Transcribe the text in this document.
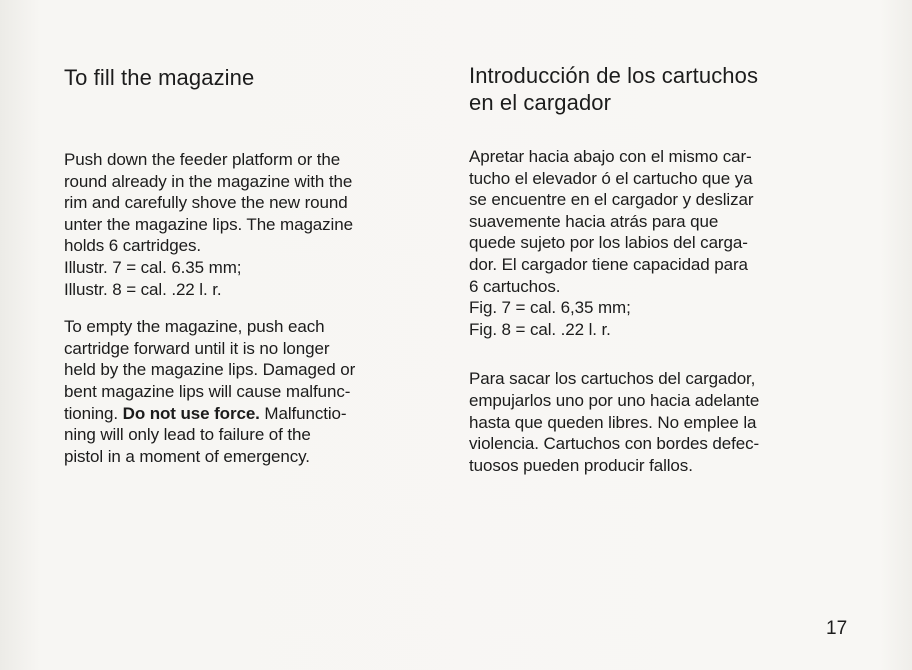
To fill the magazine

Push down the feeder platform or the
round already in the magazine with the
rim and carefully shove the new round
unter the magazine lips. The magazine
holds 6 cartridges.
Illustr. 7 = cal. 6.35 mm;
Illustr. 8 = cal. .22 l. r.

To empty the magazine, push each
cartridge forward until it is no longer
held by the magazine lips. Damaged or
bent magazine lips will cause malfunc-
tioning. Do not use force. Malfunctio-
ning will only lead to failure of the
pistol in a moment of emergency.

Introducción de los cartuchos
en el cargador

Apretar hacia abajo con el mismo car-
tucho el elevador ó el cartucho que ya
se encuentre en el cargador y deslizar
suavemente hacia atrás para que
quede sujeto por los labios del carga-
dor. El cargador tiene capacidad para
6 cartuchos.
Fig. 7 = cal. 6,35 mm;
Fig. 8 = cal. .22 l. r.

Para sacar los cartuchos del cargador,
empujarlos uno por uno hacia adelante
hasta que queden libres. No emplee la
violencia. Cartuchos con bordes defec-
tuosos pueden producir fallos.

17
